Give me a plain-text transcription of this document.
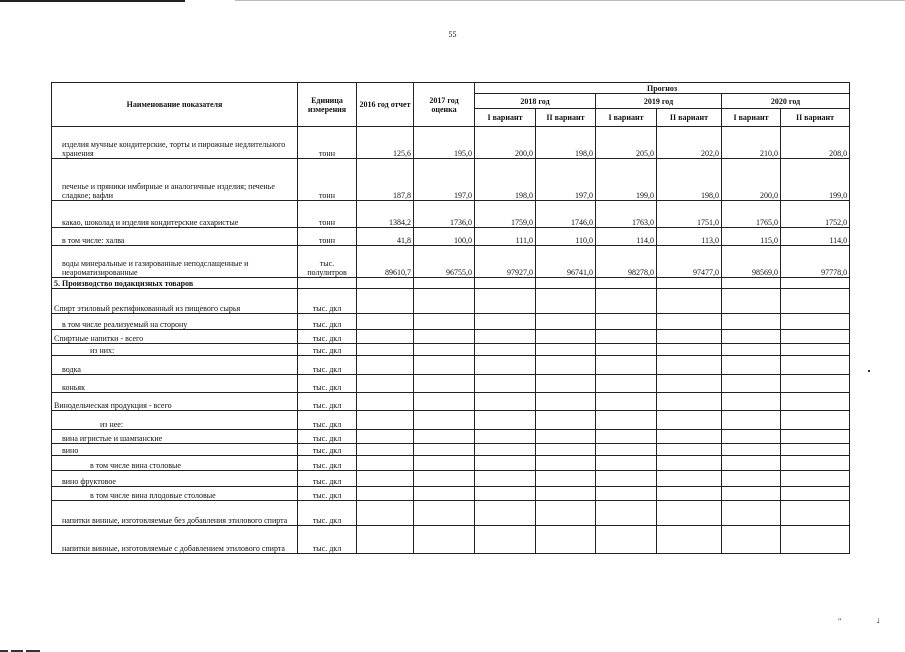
55
Наименование показателя	Единица измерения	2016 год отчет	2017 год оценка	Прогноз					
				2018 год		2019 год		2020 год	
				I вариант	II вариант	I вариант	II вариант	I вариант	II вариант
изделия мучные кондитерские, торты и пирожные недлительного хранения	тонн	125,6	195,0	200,0	198,0	205,0	202,0	210,0	208,0
печенье и пряники имбирные и аналогичные изделия; печенье сладкое; вафли	тонн	187,8	197,0	198,0	197,0	199,0	198,0	200,0	199,0
какао, шоколад и изделия кондитерские сахаристые	тонн	1384,2	1736,0	1759,0	1746,0	1763,0	1751,0	1765,0	1752,0
в том числе: халва	тонн	41,8	100,0	111,0	110,0	114,0	113,0	115,0	114,0
воды минеральные и газированные неподслащенные и неароматизированные	тыс. полулитров	89610,7	96755,0	97927,0	96741,0	98278,0	97477,0	98569,0	97778,0
5. Производство подакцизных товаров									
Спирт этиловый ректификованный из пищевого сырья	тыс. дкл								
в том числе реализуемый на сторону	тыс. дкл								
Спиртные напитки - всего	тыс. дкл								
из них:	тыс. дкл								
водка	тыс. дкл								
коньяк	тыс. дкл								
Винодельческая продукция - всего	тыс. дкл								
из нее:	тыс. дкл								
вина игристые и шампанские	тыс. дкл								
вино	тыс. дкл								
в том числе вина столовые	тыс. дкл								
вино фруктовое	тыс. дкл								
в том числе вина плодовые столовые	тыс. дкл								
напитки винные, изготовляемые без добавления этилового спирта	тыс. дкл								
напитки винные, изготовляемые с добавлением этилового спирта	тыс. дкл								
"	↓
